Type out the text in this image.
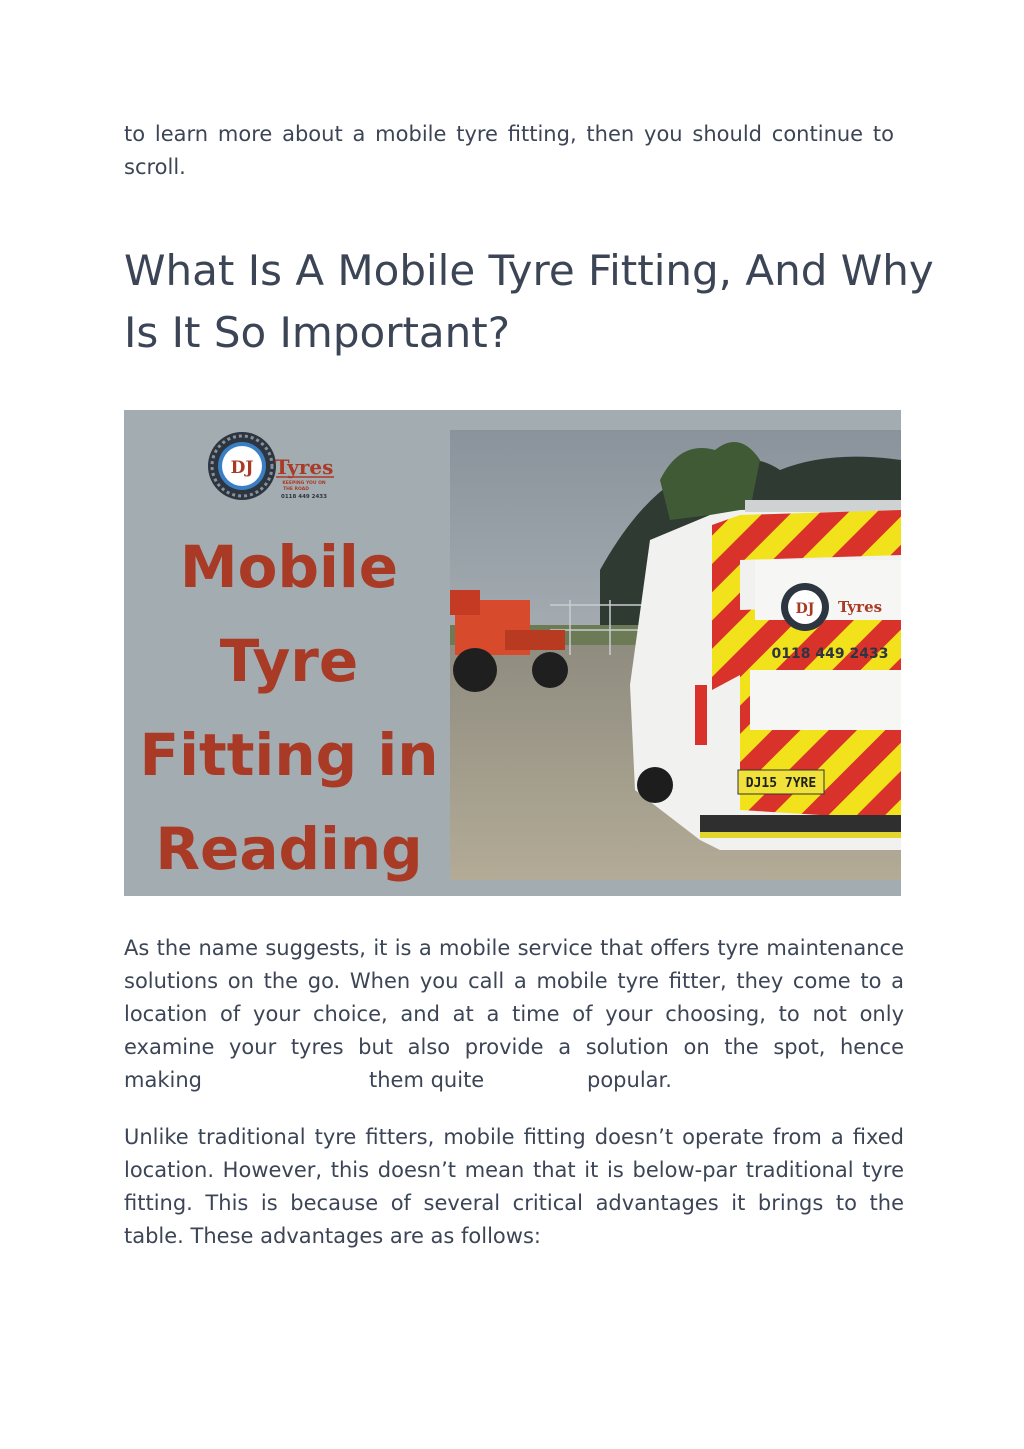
to learn more about a mobile tyre fitting, then you should continue to
scroll.

What Is A Mobile Tyre Fitting, And Why
Is It So Important?
DJ Tyres
KEEPING YOU ON
THE ROAD
0118 449 2433
Mobile
Tyre
Fitting in
Reading
DJ Tyres
0118 449 2433
DJ15 7YRE

As the name suggests, it is a mobile service that offers tyre maintenance
solutions on the go. When you call a mobile tyre fitter, they come to a
location of your choice, and at a time of your choosing, to not only
examine your tyres but also provide a solution on the spot, hence
making	them quite	popular.

Unlike traditional tyre fitters, mobile fitting doesn’t operate from a fixed
location. However, this doesn’t mean that it is below-par traditional tyre
fitting. This is because of several critical advantages it brings to the
table. These advantages are as follows:
